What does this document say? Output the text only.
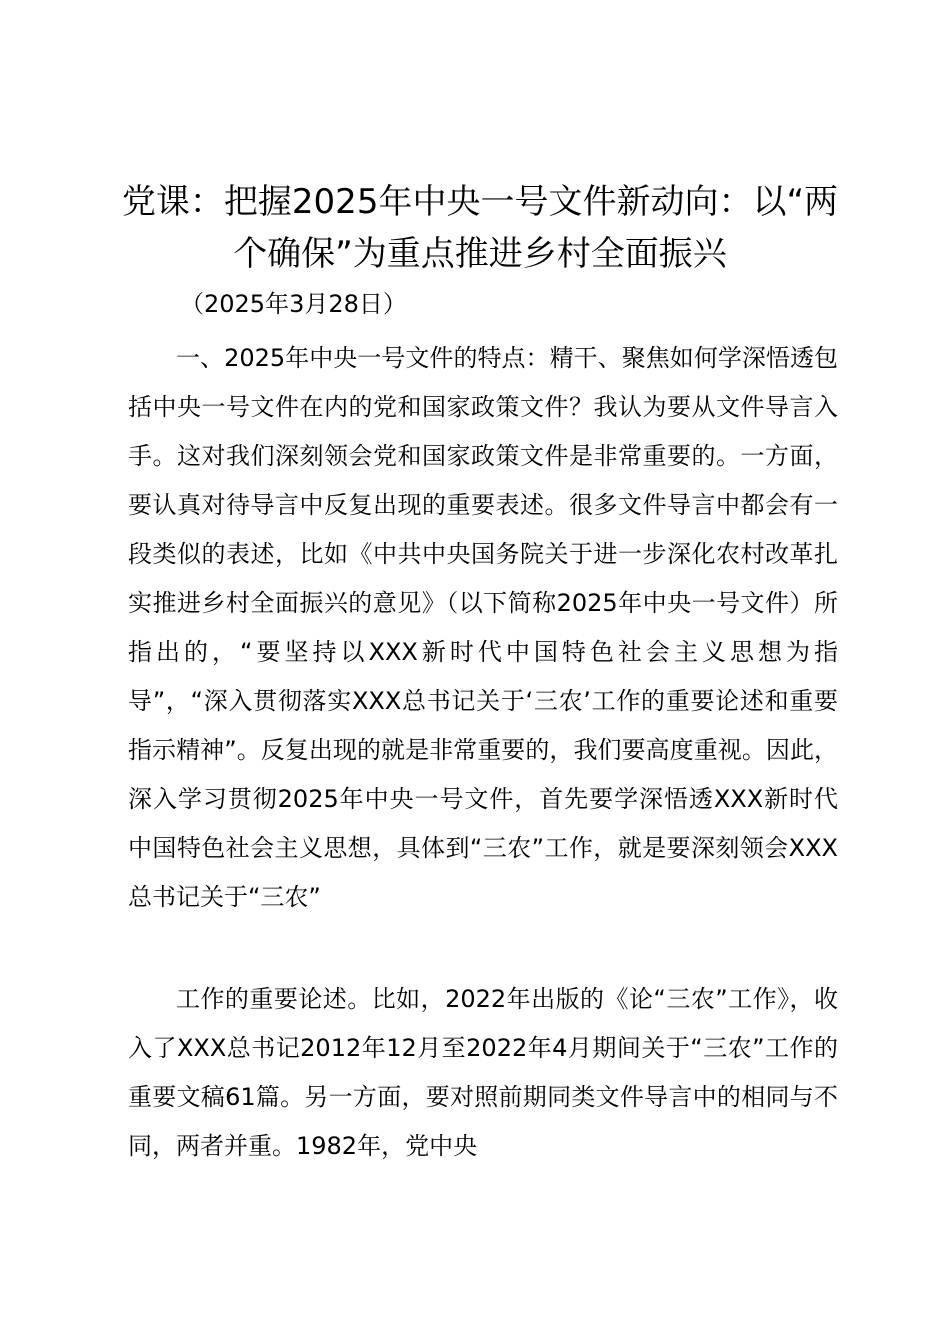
党课：把握2025年中央一号文件新动向：以“两个确保”为重点推进乡村全面振兴

（2025年3月28日）

一、2025年中央一号文件的特点：精干、聚焦如何学深悟透包括中央一号文件在内的党和国家政策文件？我认为要从文件导言入手。这对我们深刻领会党和国家政策文件是非常重要的。一方面，要认真对待导言中反复出现的重要表述。很多文件导言中都会有一段类似的表述，比如《中共中央国务院关于进一步深化农村改革扎实推进乡村全面振兴的意见》（以下简称2025年中央一号文件）所指出的，“要坚持以XXX新时代中国特色社会主义思想为指导”，“深入贯彻落实XXX总书记关于‘三农’工作的重要论述和重要指示精神”。反复出现的就是非常重要的，我们要高度重视。因此，深入学习贯彻2025年中央一号文件，首先要学深悟透XXX新时代中国特色社会主义思想，具体到“三农”工作，就是要深刻领会XXX总书记关于“三农”

工作的重要论述。比如，2022年出版的《论“三农”工作》，收入了XXX总书记2012年12月至2022年4月期间关于“三农”工作的重要文稿61篇。另一方面，要对照前期同类文件导言中的相同与不同，两者并重。1982年，党中央
